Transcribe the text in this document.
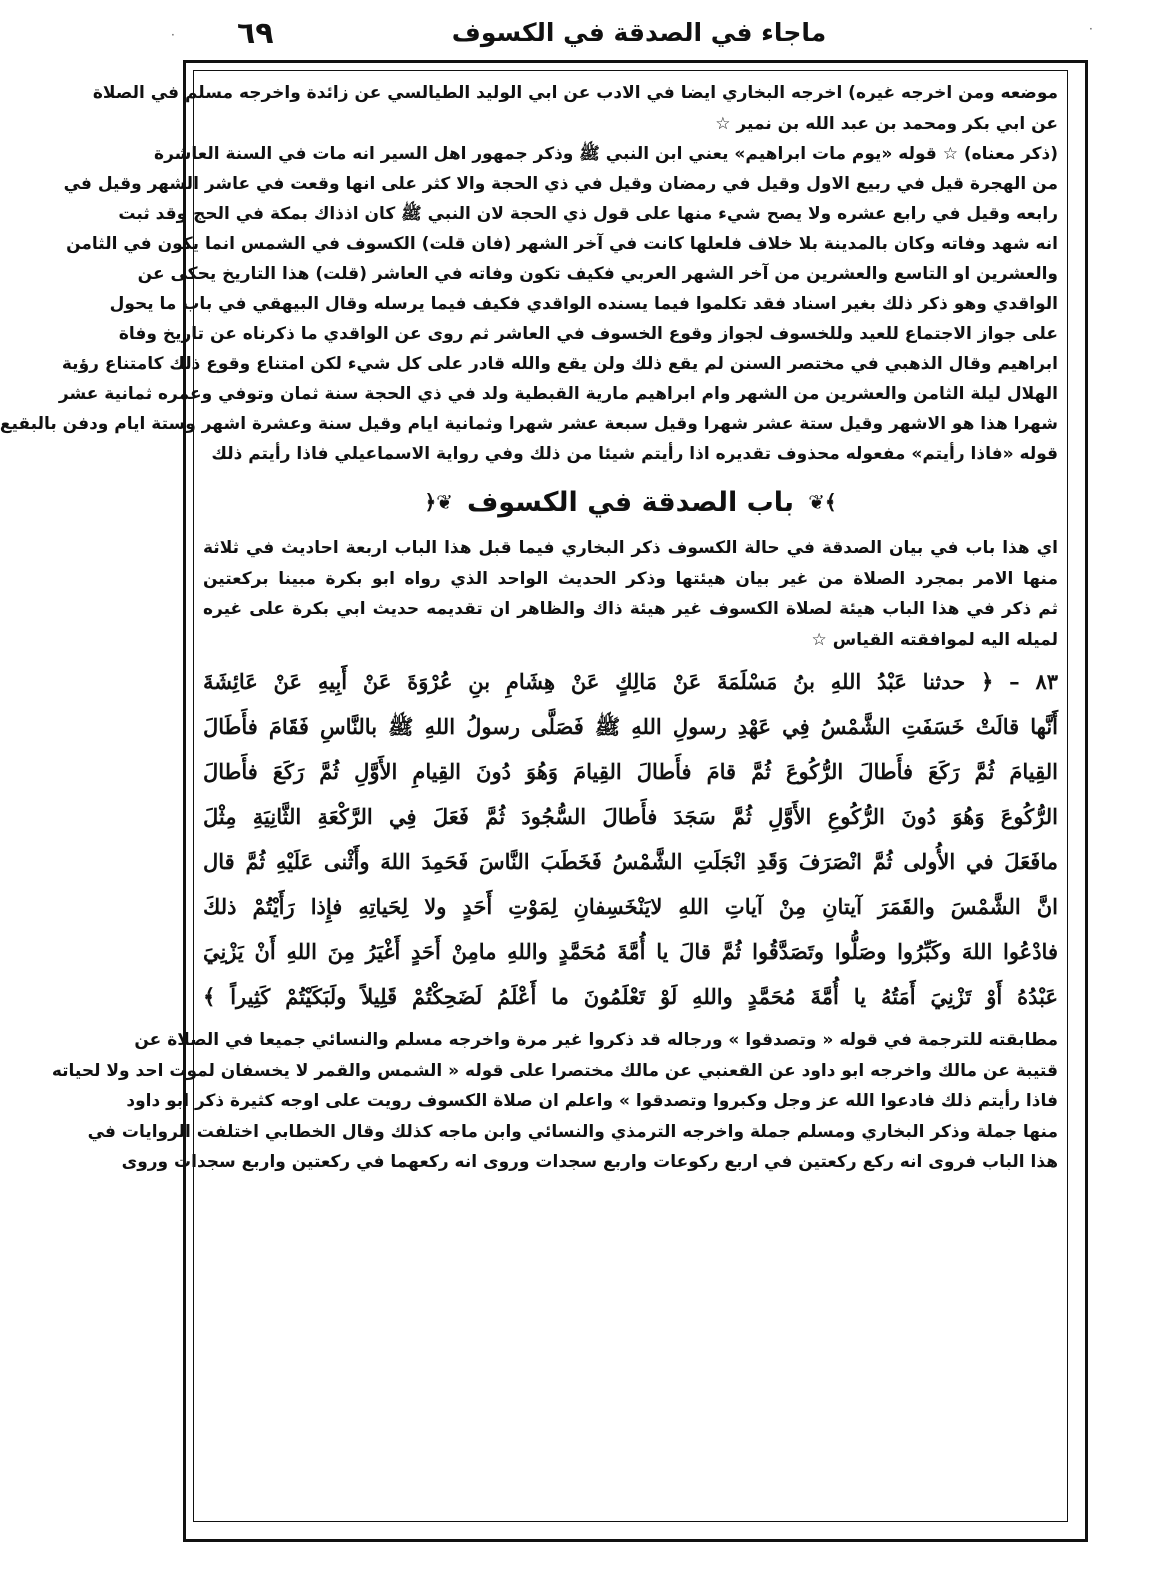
٦٩	ماجاء في الصدقة في الكسوف
موضعه ومن اخرجه غيره) اخرجه البخاري ايضا في الادب عن ابي الوليد الطيالسي عن زائدة واخرجه مسلم في الصلاة
عن ابي بكر ومحمد بن عبد الله بن نمير ☆
(ذكر معناه) ☆ قوله «يوم مات ابراهيم» يعني ابن النبي ﷺ وذكر جمهور اهل السير انه مات في السنة العاشرة
من الهجرة قيل في ربيع الاول وقيل في رمضان وقيل في ذي الحجة والا كثر على انها وقعت في عاشر الشهر وقيل في
رابعه وقيل في رابع عشره ولا يصح شيء منها على قول ذي الحجة لان النبي ﷺ كان اذذاك بمكة في الحج وقد ثبت
انه شهد وفاته وكان بالمدينة بلا خلاف فلعلها كانت في آخر الشهر (فان قلت) الكسوف في الشمس انما يكون في الثامن
والعشرين او التاسع والعشرين من آخر الشهر العربي فكيف تكون وفاته في العاشر (قلت) هذا التاريخ يحكى عن
الواقدي وهو ذكر ذلك بغير اسناد فقد تكلموا فيما يسنده الواقدي فكيف فيما يرسله وقال البيهقي في باب ما يحول
على جواز الاجتماع للعيد وللخسوف لجواز وقوع الخسوف في العاشر ثم روى عن الواقدي ما ذكرناه عن تاريخ وفاة
ابراهيم وقال الذهبي في مختصر السنن لم يقع ذلك ولن يقع والله قادر على كل شيء لكن امتناع وقوع ذلك كامتناع رؤية
الهلال ليلة الثامن والعشرين من الشهر وام ابراهيم مارية القبطية ولد في ذي الحجة سنة ثمان وتوفي وعمره ثمانية عشر
شهرا هذا هو الاشهر وقيل ستة عشر شهرا وقيل سبعة عشر شهرا وثمانية ايام وقيل سنة وعشرة اشهر وستة ايام ودفن بالبقيع
قوله «فاذا رأيتم» مفعوله محذوف تقديره اذا رأيتم شيئا من ذلك وفي رواية الاسماعيلي فاذا رأيتم ذلك
﴾❦
باب الصدقة في الكسوف
❦﴿
اي هذا باب في بيان الصدقة في حالة الكسوف ذكر البخاري فيما قبل هذا الباب اربعة احاديث في ثلاثة
منها الامر بمجرد الصلاة من غير بيان هيئتها وذكر الحديث الواحد الذي رواه ابو بكرة مبينا بركعتين
ثم ذكر في هذا الباب هيئة لصلاة الكسوف غير هيئة ذاك والظاهر ان تقديمه حديث ابي بكرة على غيره
لميله اليه لموافقته القياس ☆
٨٣ – ﴿ حدثنا عَبْدُ اللهِ بنُ مَسْلَمَةَ عَنْ مَالِكٍ عَنْ هِشَامِ بنِ عُرْوَةَ عَنْ أَبِيهِ عَنْ عَائِشَةَ
أَنَّها قالَتْ خَسَفَتِ الشَّمْسُ فِي عَهْدِ رسولِ اللهِ ﷺ فَصَلَّى رسولُ اللهِ ﷺ بالنَّاسِ فَقَامَ فأَطَالَ
القِيامَ ثُمَّ رَكَعَ فأَطالَ الرُّكُوعَ ثُمَّ قامَ فأَطالَ القِيامَ وَهُوَ دُونَ القِيامِ الأَوَّلِ ثُمَّ رَكَعَ فأَطالَ
الرُّكُوعَ وَهُوَ دُونَ الرُّكُوعِ الأَوَّلِ ثُمَّ سَجَدَ فأَطالَ السُّجُودَ ثُمَّ فَعَلَ فِي الرَّكْعَةِ الثَّانِيَةِ مِثْلَ
مافَعَلَ في الأُولى ثُمَّ انْصَرَفَ وَقَدِ انْجَلَتِ الشَّمْسُ فَخَطَبَ النَّاسَ فَحَمِدَ اللهَ وأَثْنى عَلَيْهِ ثُمَّ قال
انَّ الشَّمْسَ والقَمَرَ آيتانِ مِنْ آياتِ اللهِ لايَنْخَسِفانِ لِمَوْتِ أَحَدٍ ولا لِحَياتِهِ فإِذا رَأَيْتُمْ ذلكَ
فادْعُوا اللهَ وكَبِّرُوا وصَلُّوا وتَصَدَّقُوا ثُمَّ قالَ يا أُمَّةَ مُحَمَّدٍ واللهِ مامِنْ أَحَدٍ أَغْيَرُ مِنَ اللهِ أَنْ يَزْنِيَ
عَبْدُهُ أَوْ تَزْنِيَ أَمَتُهُ يا أُمَّةَ مُحَمَّدٍ واللهِ لَوْ تَعْلَمُونَ ما أَعْلَمُ لَضَحِكْتُمْ قَلِيلاً ولَبَكَيْتُمْ كَثِيراً ﴾
مطابقته للترجمة في قوله « وتصدقوا » ورجاله قد ذكروا غير مرة واخرجه مسلم والنسائي جميعا في الصلاة عن
قتيبة عن مالك واخرجه ابو داود عن القعنبي عن مالك مختصرا على قوله « الشمس والقمر لا يخسفان لموت احد ولا لحياته
فاذا رأيتم ذلك فادعوا الله عز وجل وكبروا وتصدقوا » واعلم ان صلاة الكسوف رويت على اوجه كثيرة ذكر ابو داود
منها جملة وذكر البخاري ومسلم جملة واخرجه الترمذي والنسائي وابن ماجه كذلك وقال الخطابي اختلفت الروايات في
هذا الباب فروى انه ركع ركعتين في اربع ركوعات واربع سجدات وروى انه ركعهما في ركعتين واربع سجدات وروى
·	·
